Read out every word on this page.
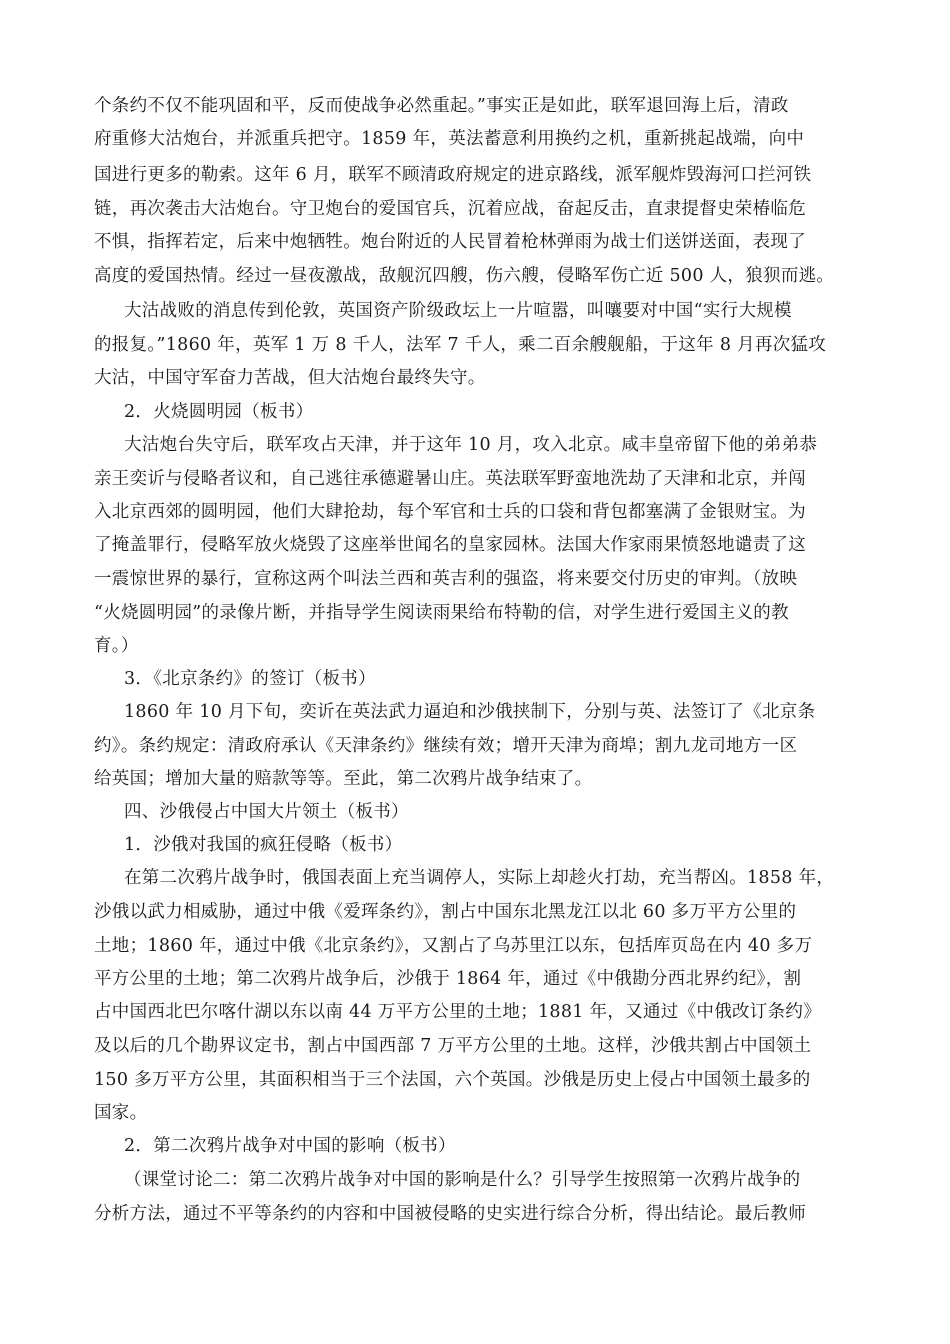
个条约不仅不能巩固和平，反而使战争必然重起。”事实正是如此，联军退回海上后，清政
府重修大沽炮台，并派重兵把守。1859 年，英法蓄意利用换约之机，重新挑起战端，向中
国进行更多的勒索。这年 6 月，联军不顾清政府规定的进京路线，派军舰炸毁海河口拦河铁
链，再次袭击大沽炮台。守卫炮台的爱国官兵，沉着应战，奋起反击，直隶提督史荣椿临危
不惧，指挥若定，后来中炮牺牲。炮台附近的人民冒着枪林弹雨为战士们送饼送面，表现了
高度的爱国热情。经过一昼夜激战，敌舰沉四艘，伤六艘，侵略军伤亡近 500 人，狼狈而逃。
大沽战败的消息传到伦敦，英国资产阶级政坛上一片喧嚣，叫嚷要对中国“实行大规模
的报复。”1860 年，英军 1 万 8 千人，法军 7 千人，乘二百余艘舰船，于这年 8 月再次猛攻
大沽，中国守军奋力苦战，但大沽炮台最终失守。
2．火烧圆明园（板书）
大沽炮台失守后，联军攻占天津，并于这年 10 月，攻入北京。咸丰皇帝留下他的弟弟恭
亲王奕䜣与侵略者议和，自己逃往承德避暑山庄。英法联军野蛮地洗劫了天津和北京，并闯
入北京西郊的圆明园，他们大肆抢劫，每个军官和士兵的口袋和背包都塞满了金银财宝。为
了掩盖罪行，侵略军放火烧毁了这座举世闻名的皇家园林。法国大作家雨果愤怒地谴责了这
一震惊世界的暴行，宣称这两个叫法兰西和英吉利的强盗，将来要交付历史的审判。（放映
“火烧圆明园”的录像片断，并指导学生阅读雨果给布特勒的信，对学生进行爱国主义的教
育。）
3．《北京条约》的签订（板书）
1860 年 10 月下旬，奕䜣在英法武力逼迫和沙俄挟制下，分别与英、法签订了《北京条
约》。条约规定：清政府承认《天津条约》继续有效；增开天津为商埠；割九龙司地方一区
给英国；增加大量的赔款等等。至此，第二次鸦片战争结束了。
四、沙俄侵占中国大片领土（板书）
1．沙俄对我国的疯狂侵略（板书）
在第二次鸦片战争时，俄国表面上充当调停人，实际上却趁火打劫，充当帮凶。1858 年，
沙俄以武力相威胁，通过中俄《爱珲条约》，割占中国东北黑龙江以北 60 多万平方公里的
土地；1860 年，通过中俄《北京条约》，又割占了乌苏里江以东，包括库页岛在内 40 多万
平方公里的土地；第二次鸦片战争后，沙俄于 1864 年，通过《中俄勘分西北界约纪》，割
占中国西北巴尔喀什湖以东以南 44 万平方公里的土地；1881 年，又通过《中俄改订条约》
及以后的几个勘界议定书，割占中国西部 7 万平方公里的土地。这样，沙俄共割占中国领土
150 多万平方公里，其面积相当于三个法国，六个英国。沙俄是历史上侵占中国领土最多的
国家。
2．第二次鸦片战争对中国的影响（板书）
（课堂讨论二：第二次鸦片战争对中国的影响是什么？引导学生按照第一次鸦片战争的
分析方法，通过不平等条约的内容和中国被侵略的史实进行综合分析，得出结论。最后教师
